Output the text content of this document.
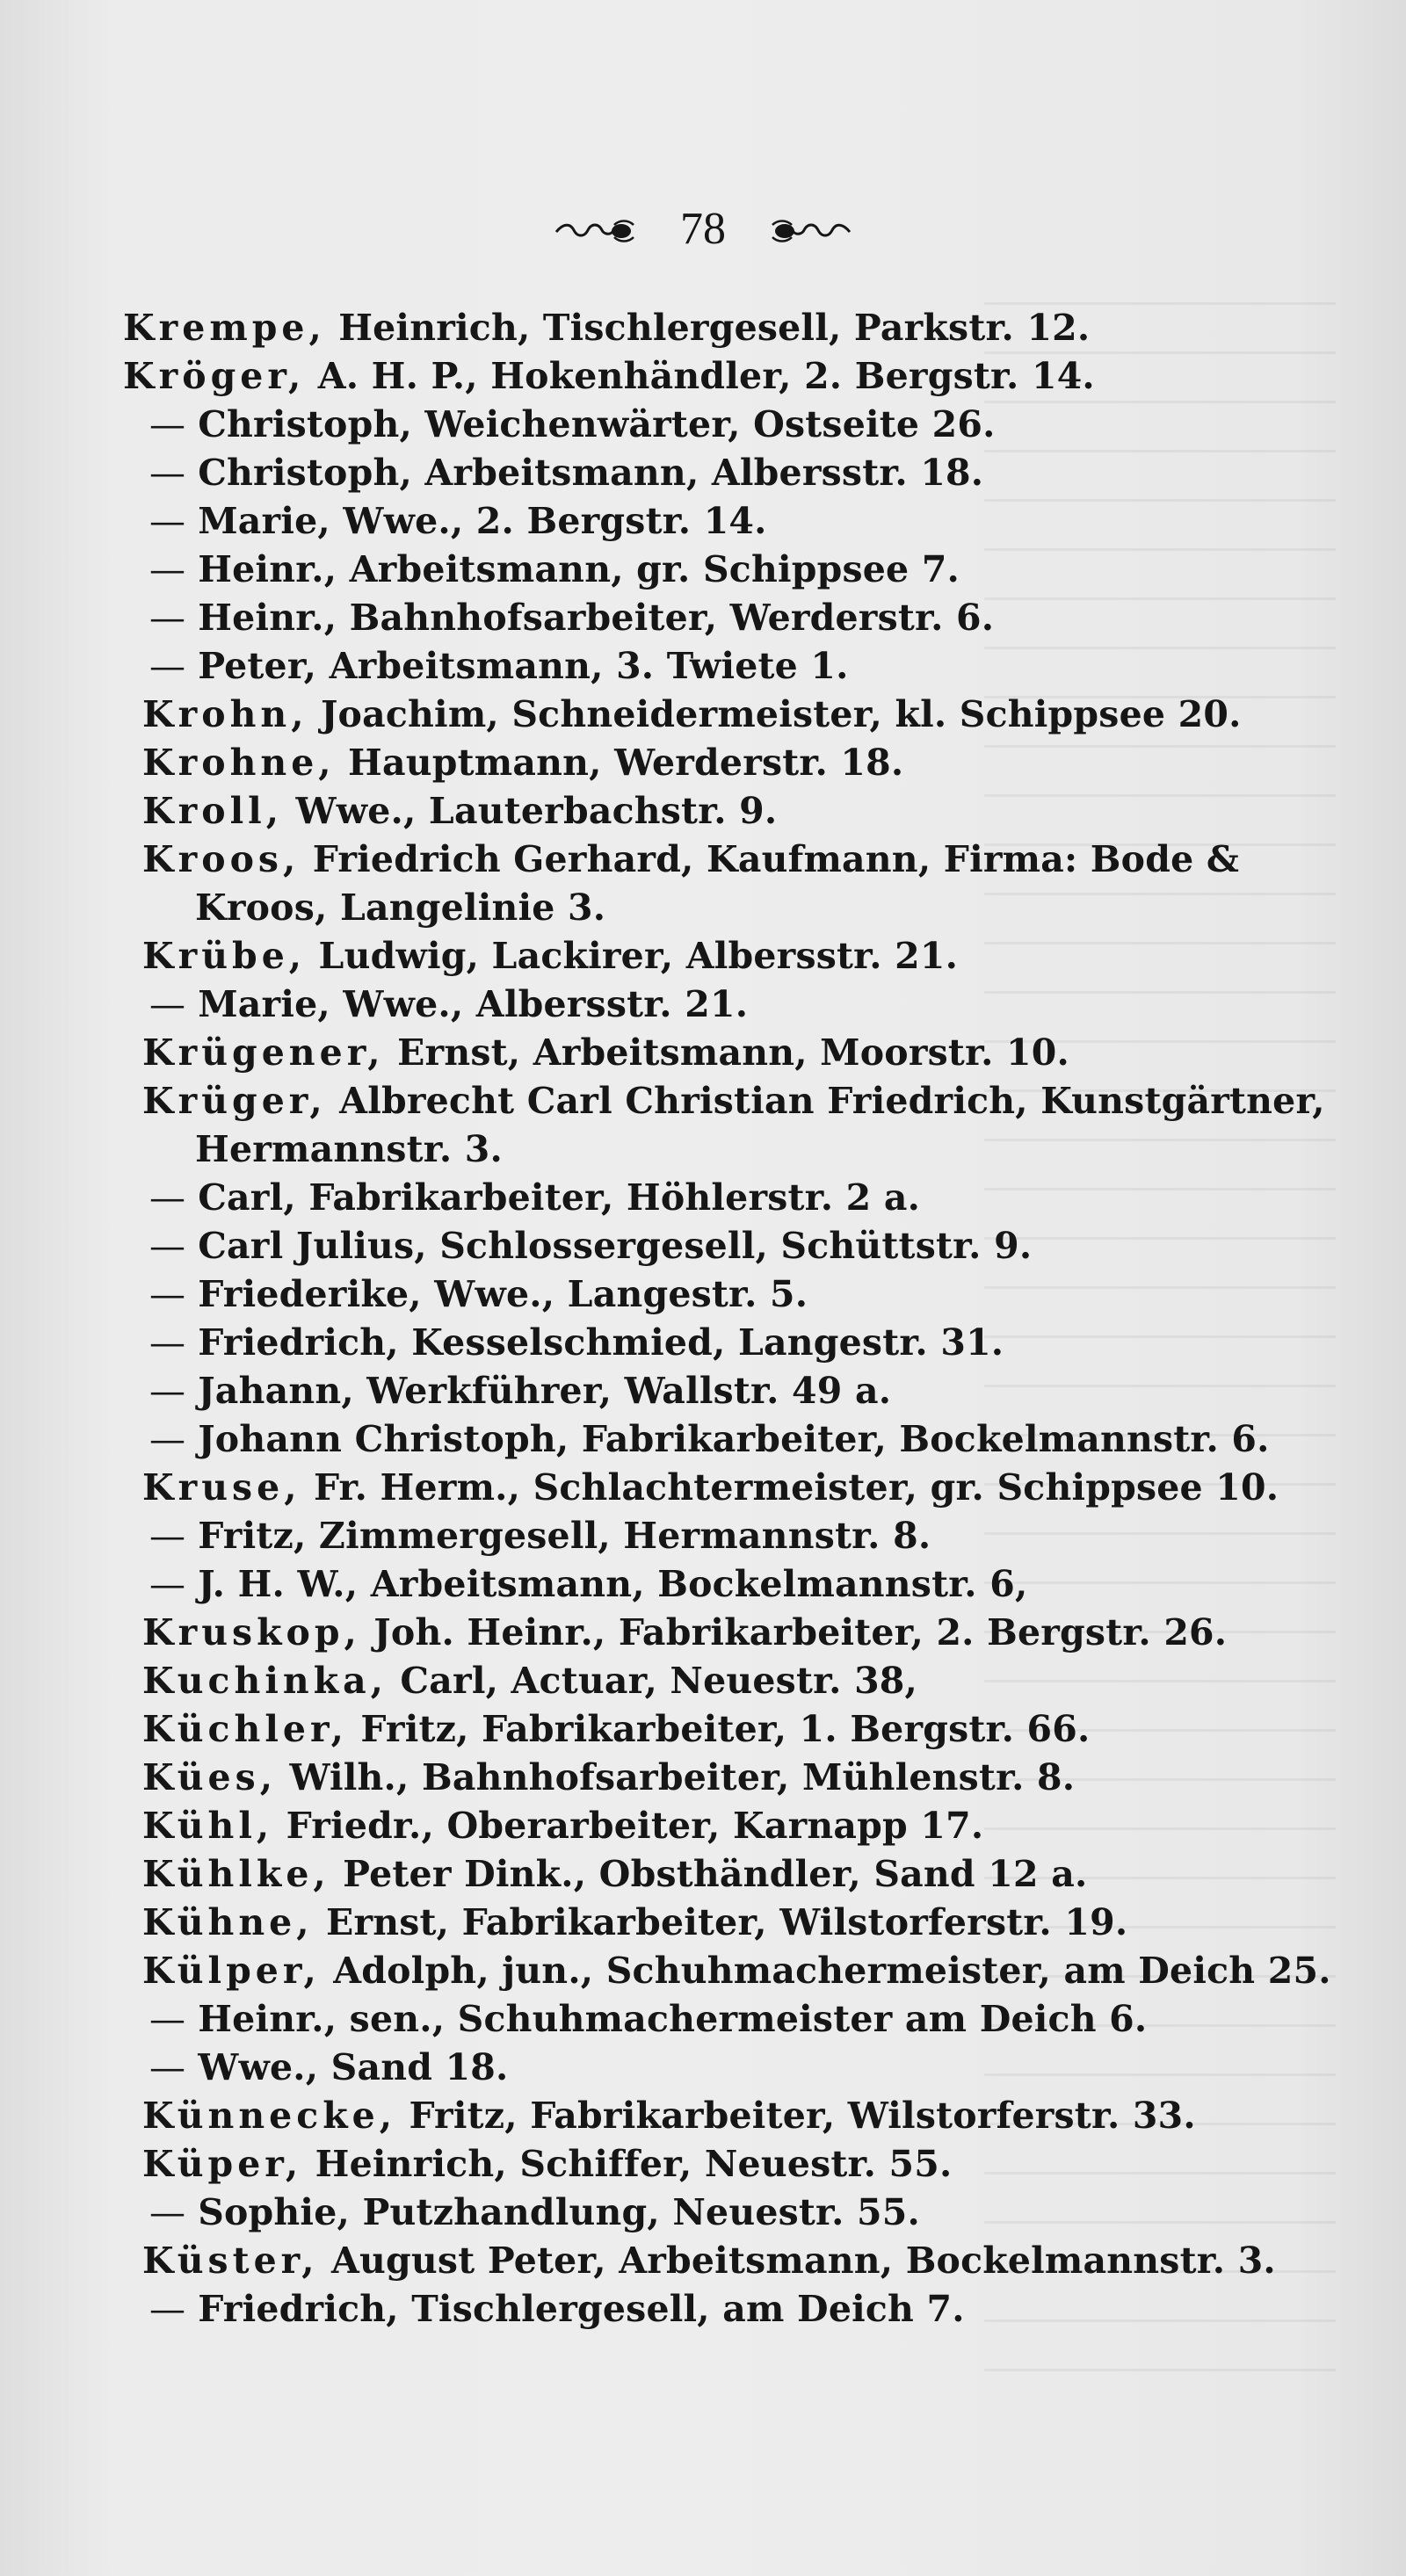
78
Krempe, Heinrich, Tischlergesell, Parkstr. 12.
Kröger, A. H. P., Hokenhändler, 2. Bergstr. 14.
— Christoph, Weichenwärter, Ostseite 26.
— Christoph, Arbeitsmann, Albersstr. 18.
— Marie, Wwe., 2. Bergstr. 14.
— Heinr., Arbeitsmann, gr. Schippsee 7.
— Heinr., Bahnhofsarbeiter, Werderstr. 6.
— Peter, Arbeitsmann, 3. Twiete 1.
Krohn, Joachim, Schneidermeister, kl. Schippsee 20.
Krohne, Hauptmann, Werderstr. 18.
Kroll, Wwe., Lauterbachstr. 9.
Kroos, Friedrich Gerhard, Kaufmann, Firma: Bode &
Kroos, Langelinie 3.
Krübe, Ludwig, Lackirer, Albersstr. 21.
— Marie, Wwe., Albersstr. 21.
Krügener, Ernst, Arbeitsmann, Moorstr. 10.
Krüger, Albrecht Carl Christian Friedrich, Kunstgärtner,
Hermannstr. 3.
— Carl, Fabrikarbeiter, Höhlerstr. 2 a.
— Carl Julius, Schlossergesell, Schüttstr. 9.
— Friederike, Wwe., Langestr. 5.
— Friedrich, Kesselschmied, Langestr. 31.
— Jahann, Werkführer, Wallstr. 49 a.
— Johann Christoph, Fabrikarbeiter, Bockelmannstr. 6.
Kruse, Fr. Herm., Schlachtermeister, gr. Schippsee 10.
— Fritz, Zimmergesell, Hermannstr. 8.
— J. H. W., Arbeitsmann, Bockelmannstr. 6,
Kruskop, Joh. Heinr., Fabrikarbeiter, 2. Bergstr. 26.
Kuchinka, Carl, Actuar, Neuestr. 38,
Küchler, Fritz, Fabrikarbeiter, 1. Bergstr. 66.
Kües, Wilh., Bahnhofsarbeiter, Mühlenstr. 8.
Kühl, Friedr., Oberarbeiter, Karnapp 17.
Kühlke, Peter Dink., Obsthändler, Sand 12 a.
Kühne, Ernst, Fabrikarbeiter, Wilstorferstr. 19.
Külper, Adolph, jun., Schuhmachermeister, am Deich 25.
— Heinr., sen., Schuhmachermeister am Deich 6.
— Wwe., Sand 18.
Künnecke, Fritz, Fabrikarbeiter, Wilstorferstr. 33.
Küper, Heinrich, Schiffer, Neuestr. 55.
— Sophie, Putzhandlung, Neuestr. 55.
Küster, August Peter, Arbeitsmann, Bockelmannstr. 3.
— Friedrich, Tischlergesell, am Deich 7.
